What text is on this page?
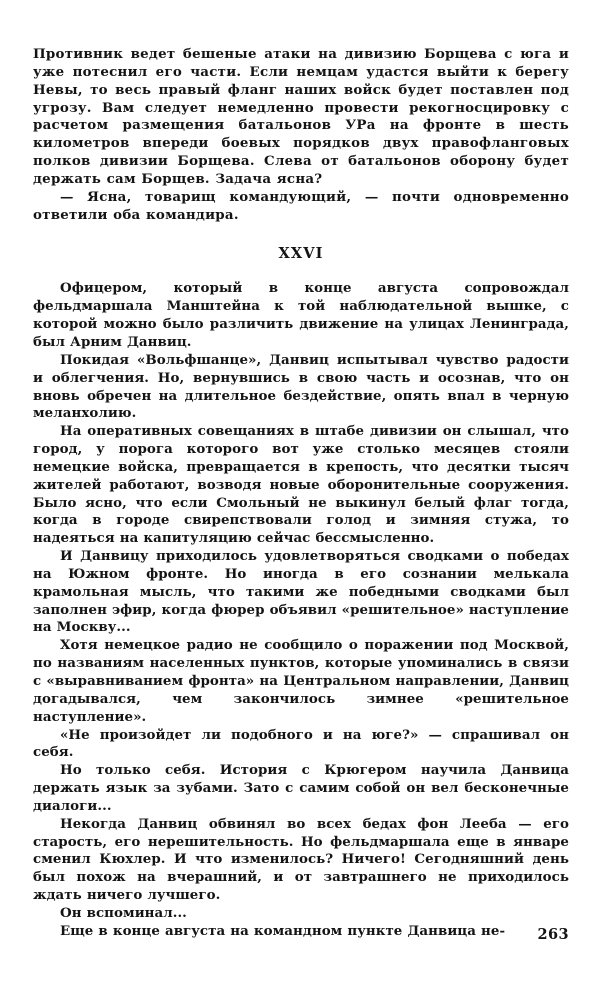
Противник ведет бешеные атаки на дивизию Борщева с юга и уже потеснил его части. Если немцам удастся выйти к берегу Невы, то весь правый фланг наших войск будет поставлен под угрозу. Вам следует немедленно провести рекогносцировку с расчетом размещения батальонов УРа на фронте в шесть километров впереди боевых порядков двух правофланговых полков дивизии Борщева. Слева от батальонов оборону будет держать сам Борщев. Задача ясна?

— Ясна, товарищ командующий, — почти одновременно ответили оба командира.

XXVI

Офицером, который в конце августа сопровождал фельдмаршала Манштейна к той наблюдательной вышке, с которой можно было различить движение на улицах Ленинграда, был Арним Данвиц.

Покидая «Вольфшанце», Данвиц испытывал чувство радости и облегчения. Но, вернувшись в свою часть и осознав, что он вновь обречен на длительное бездействие, опять впал в черную меланхолию.

На оперативных совещаниях в штабе дивизии он слышал, что город, у порога которого вот уже столько месяцев стояли немецкие войска, превращается в крепость, что десятки тысяч жителей работают, возводя новые оборонительные сооружения. Было ясно, что если Смольный не выкинул белый флаг тогда, когда в городе свирепствовали голод и зимняя стужа, то надеяться на капитуляцию сейчас бессмысленно.

И Данвицу приходилось удовлетворяться сводками о победах на Южном фронте. Но иногда в его сознании мелькала крамольная мысль, что такими же победными сводками был заполнен эфир, когда фюрер объявил «решительное» наступление на Москву...

Хотя немецкое радио не сообщило о поражении под Москвой, по названиям населенных пунктов, которые упоминались в связи с «выравниванием фронта» на Центральном направлении, Данвиц догадывался, чем закончилось зимнее «решительное наступление».

«Не произойдет ли подобного и на юге?» — спрашивал он себя.

Но только себя. История с Крюгером научила Данвица держать язык за зубами. Зато с самим собой он вел бесконечные диалоги...

Некогда Данвиц обвинял во всех бедах фон Лееба — его старость, его нерешительность. Но фельдмаршала еще в январе сменил Кюхлер. И что изменилось? Ничего! Сегодняшний день был похож на вчерашний, и от завтрашнего не приходилось ждать ничего лучшего.

Он вспоминал...

Еще в конце августа на командном пункте Данвица не-	263
